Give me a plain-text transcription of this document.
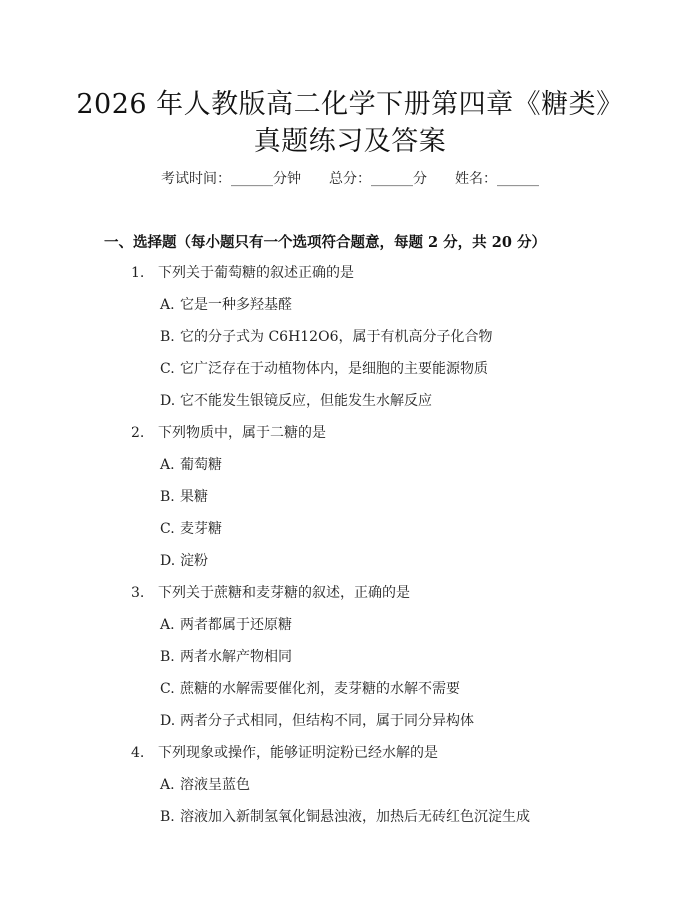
2026 年人教版高二化学下册第四章《糖类》
真题练习及答案
考试时间：______分钟 总分：______分 姓名：______
一、选择题（每小题只有一个选项符合题意，每题 2 分，共 20 分）
1. 下列关于葡萄糖的叙述正确的是
A. 它是一种多羟基醛
B. 它的分子式为 C6H12O6，属于有机高分子化合物
C. 它广泛存在于动植物体内，是细胞的主要能源物质
D. 它不能发生银镜反应，但能发生水解反应
2. 下列物质中，属于二糖的是
A. 葡萄糖
B. 果糖
C. 麦芽糖
D. 淀粉
3. 下列关于蔗糖和麦芽糖的叙述，正确的是
A. 两者都属于还原糖
B. 两者水解产物相同
C. 蔗糖的水解需要催化剂，麦芽糖的水解不需要
D. 两者分子式相同，但结构不同，属于同分异构体
4. 下列现象或操作，能够证明淀粉已经水解的是
A. 溶液呈蓝色
B. 溶液加入新制氢氧化铜悬浊液，加热后无砖红色沉淀生成
